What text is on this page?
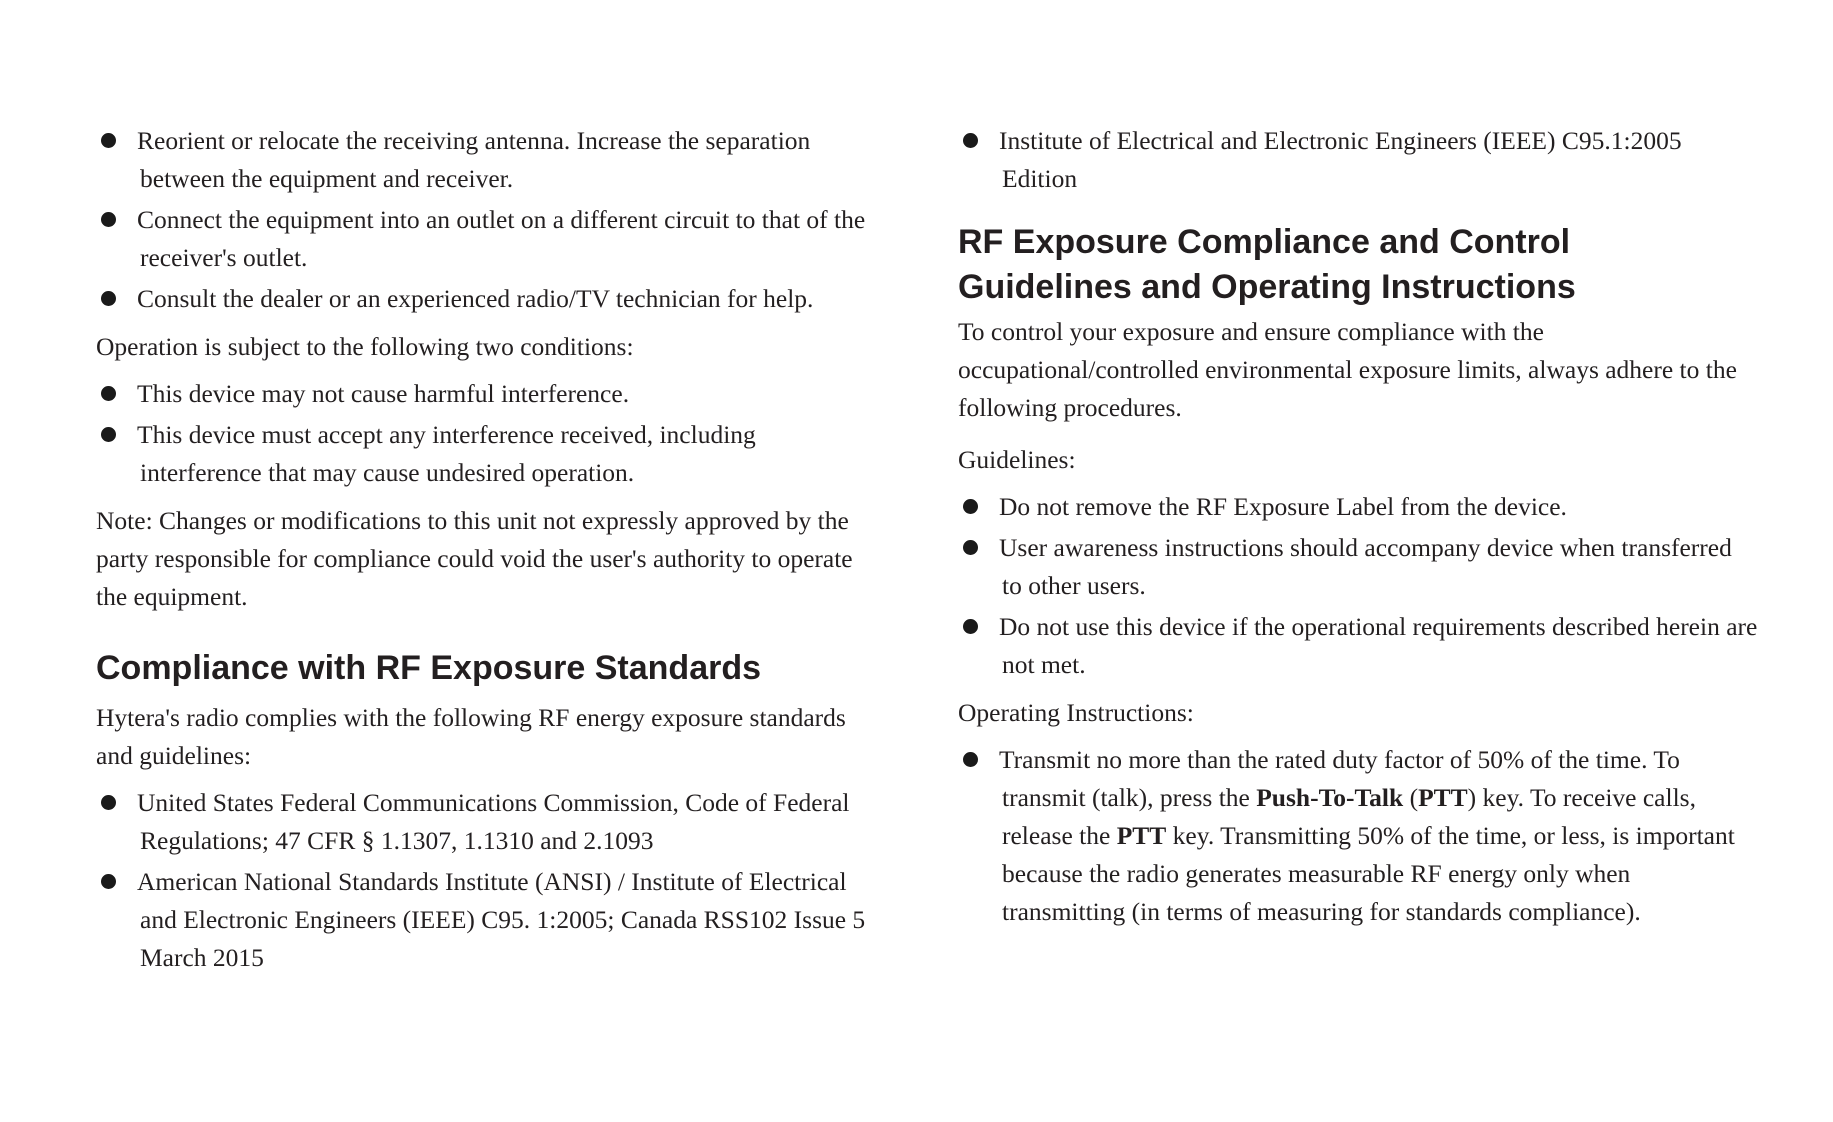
Reorient or relocate the receiving antenna. Increase the separation between the equipment and receiver.
Connect the equipment into an outlet on a different circuit to that of the receiver's outlet.
Consult the dealer or an experienced radio/TV technician for help.

Operation is subject to the following two conditions:

This device may not cause harmful interference.
This device must accept any interference received, including interference that may cause undesired operation.

Note: Changes or modifications to this unit not expressly approved by the party responsible for compliance could void the user's authority to operate the equipment.

Compliance with RF Exposure Standards

Hytera's radio complies with the following RF energy exposure standards and guidelines:

United States Federal Communications Commission, Code of Federal Regulations; 47 CFR § 1.1307, 1.1310 and 2.1093
American National Standards Institute (ANSI) / Institute of Electrical and Electronic Engineers (IEEE) C95. 1:2005; Canada RSS102 Issue 5 March 2015
Institute of Electrical and Electronic Engineers (IEEE) C95.1:2005 Edition
RF Exposure Compliance and Control Guidelines and Operating Instructions

To control your exposure and ensure compliance with the occupational/controlled environmental exposure limits, always adhere to the following procedures.

Guidelines:

Do not remove the RF Exposure Label from the device.
User awareness instructions should accompany device when transferred to other users.
Do not use this device if the operational requirements described herein are not met.

Operating Instructions:

Transmit no more than the rated duty factor of 50% of the time. To transmit (talk), press the Push-To-Talk (PTT) key. To receive calls, release the PTT key. Transmitting 50% of the time, or less, is important because the radio generates measurable RF energy only when transmitting (in terms of measuring for standards compliance).
